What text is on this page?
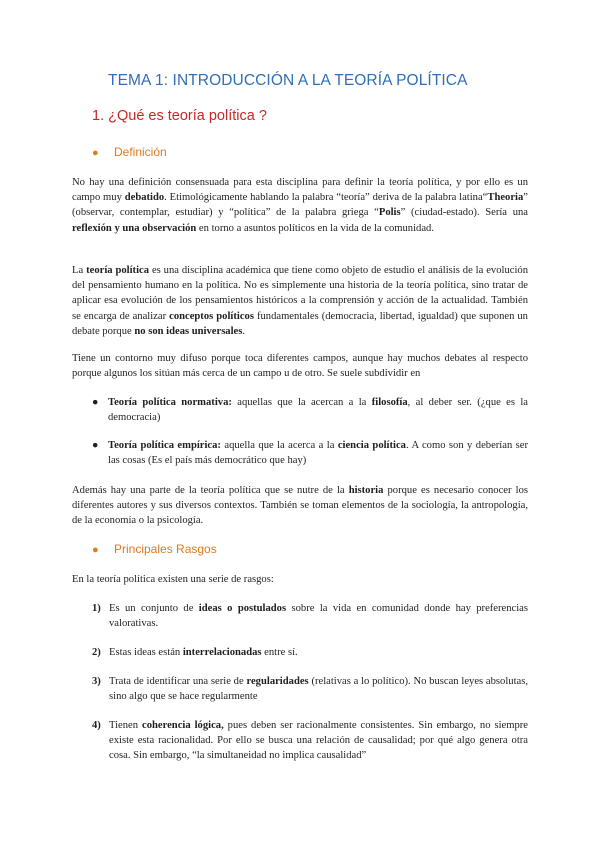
TEMA 1: INTRODUCCIÓN A LA TEORÍA POLÍTICA
1. ¿Qué es teoría política ?
● Definición

No hay una definición consensuada para esta disciplina para definir la teoría política, y por ello es un campo muy debatido. Etimológicamente hablando la palabra “teoría” deriva de la palabra latina“Theoria” (observar, contemplar, estudiar) y “política” de la palabra griega “Polis” (ciudad-estado). Sería una reflexión y una observación en torno a asuntos políticos en la vida de la comunidad.

La teoría política es una disciplina académica que tiene como objeto de estudio el análisis de la evolución del pensamiento humano en la política. No es simplemente una historia de la teoría política, sino tratar de aplicar esa evolución de los pensamientos históricos a la comprensión y acción de la actualidad. También se encarga de analizar conceptos políticos fundamentales (democracia, libertad, igualdad) que suponen un debate porque no son ideas universales.

Tiene un contorno muy difuso porque toca diferentes campos, aunque hay muchos debates al respecto porque algunos los sitúan más cerca de un campo u de otro. Se suele subdividir en

● Teoría política normativa: aquellas que la acercan a la filosofía, al deber ser. (¿que es la democracia)
● Teoría política empírica: aquella que la acerca a la ciencia política. A como son y deberían ser las cosas (Es el país más democrático que hay)

Además hay una parte de la teoría política que se nutre de la historia porque es necesario conocer los diferentes autores y sus diversos contextos. También se toman elementos de la sociología, la antropología, de la economía o la psicología.

● Principales Rasgos

En la teoría política existen una serie de rasgos:

1) Es un conjunto de ideas o postulados sobre la vida en comunidad donde hay preferencias valorativas.
2) Estas ideas están interrelacionadas entre sí.
3) Trata de identificar una serie de regularidades (relativas a lo político). No buscan leyes absolutas, sino algo que se hace regularmente
4) Tienen coherencia lógica, pues deben ser racionalmente consistentes. Sin embargo, no siempre existe esta racionalidad. Por ello se busca una relación de causalidad; por qué algo genera otra cosa. Sin embargo, “la simultaneidad no implica causalidad”
